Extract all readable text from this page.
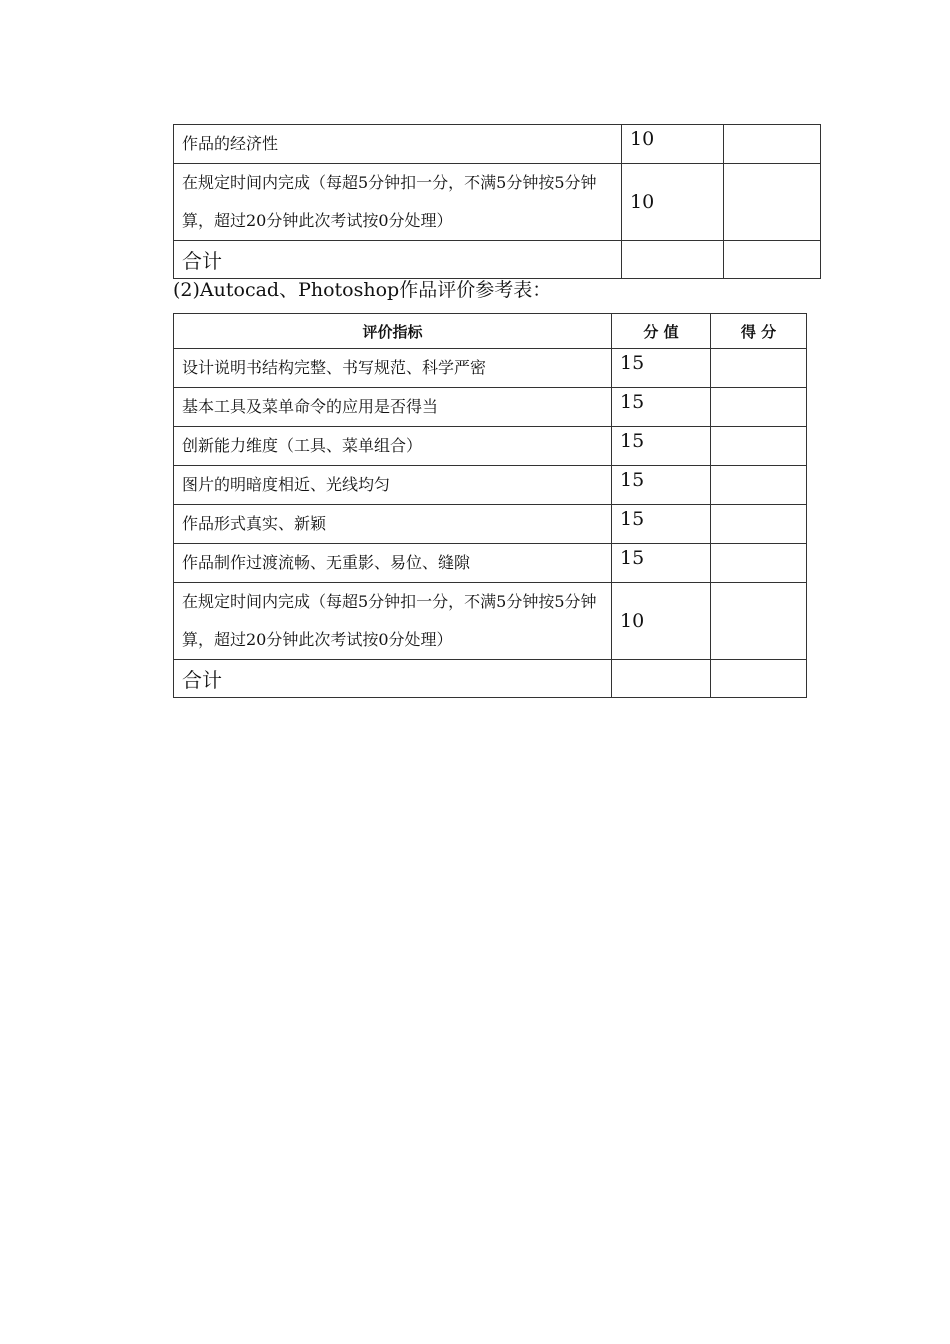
作品的经济性	10	
在规定时间内完成（每超5分钟扣一分，不满5分钟按5分钟算，超过20分钟此次考试按0分处理）	10	
合计		
(2)Autocad、Photoshop作品评价参考表：
评价指标	分 值	得 分
设计说明书结构完整、书写规范、科学严密	15	
基本工具及菜单命令的应用是否得当	15	
创新能力维度（工具、菜单组合）	15	
图片的明暗度相近、光线均匀	15	
作品形式真实、新颖	15	
作品制作过渡流畅、无重影、易位、缝隙	15	
在规定时间内完成（每超5分钟扣一分，不满5分钟按5分钟算，超过20分钟此次考试按0分处理）	10	
合计		
